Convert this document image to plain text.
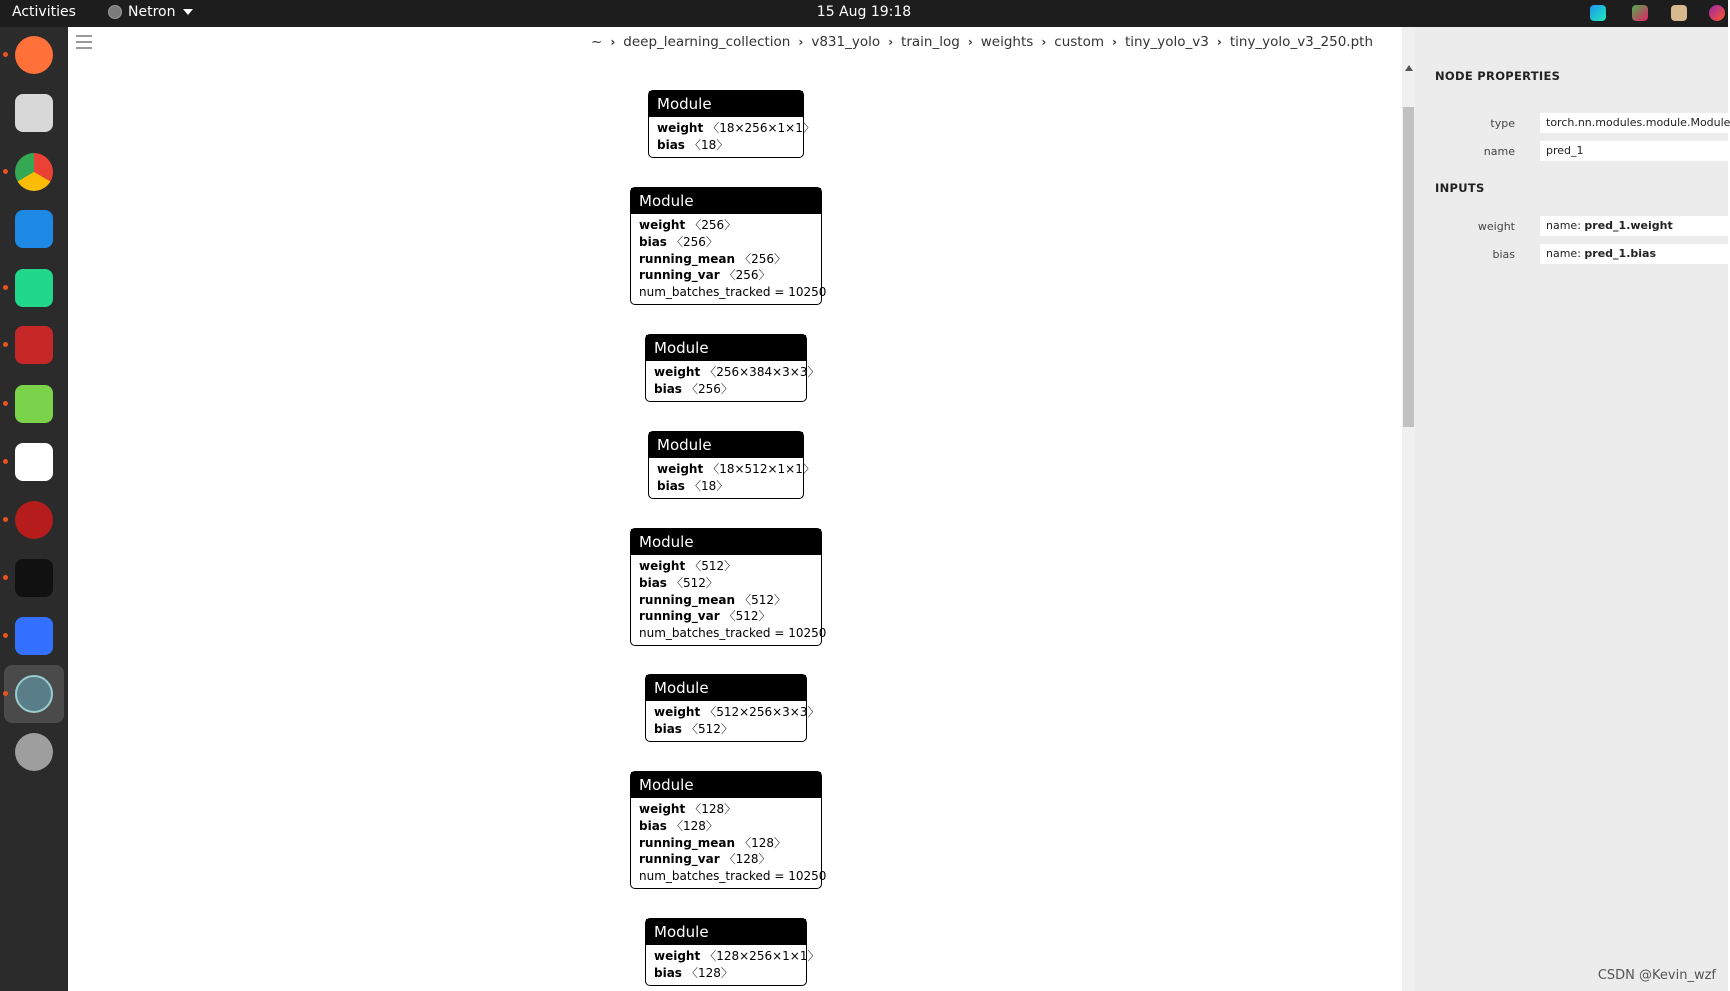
Activities	Netron	15 Aug 19:18
~ › deep_learning_collection › v831_yolo › train_log › weights › custom › tiny_yolo_v3 › tiny_yolo_v3_250.pth
Module
weight 〈18×256×1×1〉
bias 〈18〉
Module
weight 〈256〉
bias 〈256〉
running_mean 〈256〉
running_var 〈256〉
num_batches_tracked = 10250
Module
weight 〈256×384×3×3〉
bias 〈256〉
Module
weight 〈18×512×1×1〉
bias 〈18〉
Module
weight 〈512〉
bias 〈512〉
running_mean 〈512〉
running_var 〈512〉
num_batches_tracked = 10250
Module
weight 〈512×256×3×3〉
bias 〈512〉
Module
weight 〈128〉
bias 〈128〉
running_mean 〈128〉
running_var 〈128〉
num_batches_tracked = 10250
Module
weight 〈128×256×1×1〉
bias 〈128〉
NODE PROPERTIES
type	torch.nn.modules.module.Module
name	pred_1
INPUTS
weight	name: pred_1.weight
bias	name: pred_1.bias
CSDN @Kevin_wzf
